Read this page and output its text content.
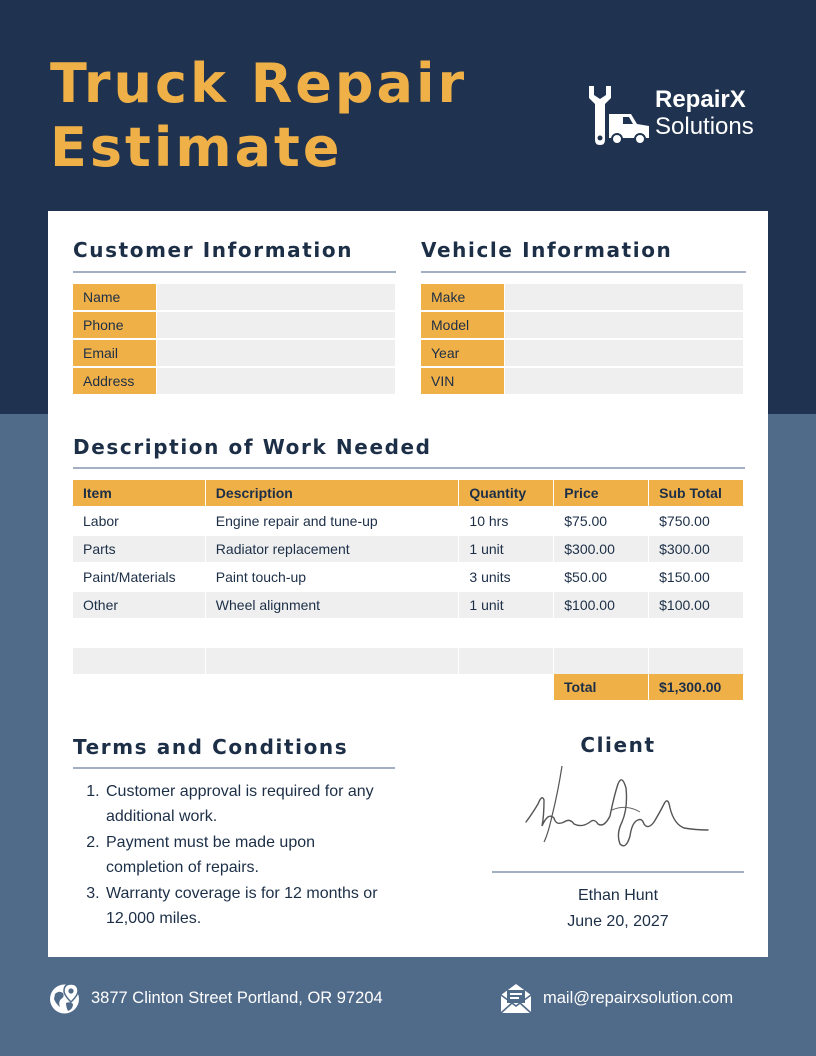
Truck Repair
Estimate
RepairX
Solutions
Customer Information
Name
Phone
Email
Address
Vehicle Information
Make
Model
Year
VIN
Description of Work Needed
Item	Description	Quantity	Price	Sub Total
Labor	Engine repair and tune-up	10 hrs	$75.00	$750.00
Parts	Radiator replacement	1 unit	$300.00	$300.00
Paint/Materials	Paint touch-up	3 units	$50.00	$150.00
Other	Wheel alignment	1 unit	$100.00	$100.00
Total	$1,300.00
Terms and Conditions
1. Customer approval is required for any additional work.
2. Payment must be made upon completion of repairs.
3. Warranty coverage is for 12 months or 12,000 miles.
Client
Ethan Hunt
June 20, 2027
3877 Clinton Street Portland, OR 97204	mail@repairxsolution.com
